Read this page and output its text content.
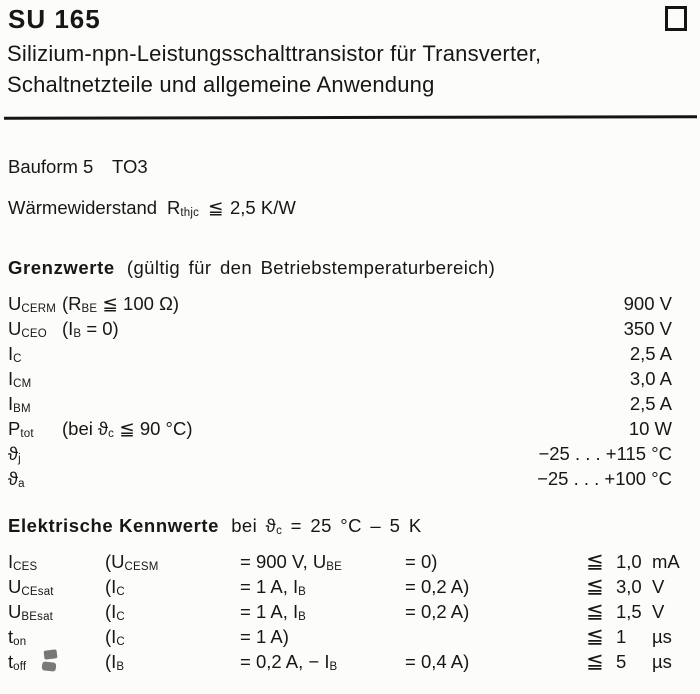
SU 165
Silizium-npn-Leistungsschalttransistor für Transverter,
Schaltnetzteile und allgemeine Anwendung
Bauform 5 TO3
Wärmewiderstand Rthjc ≦ 2,5 K/W
Grenzwerte (gültig für den Betriebstemperaturbereich)
UCERM (RBE ≦ 100 Ω)	900 V
UCEO (IB = 0)	350 V
IC	2,5 A
ICM	3,0 A
IBM	2,5 A
Ptot (bei ϑc ≦ 90 °C)	10 W
ϑj	−25 . . . +115 °C
ϑa	−25 . . . +100 °C
Elektrische Kennwerte bei ϑc = 25 °C – 5 K
ICES	(UCESM	= 900 V, UBE	= 0)	≦ 1,0 mA
UCEsat	(IC	= 1 A, IB	= 0,2 A)	≦ 3,0 V
UBEsat	(IC	= 1 A, IB	= 0,2 A)	≦ 1,5 V
ton	(IC	= 1 A)	≦ 1 µs
toff	(IB	= 0,2 A, − IB	= 0,4 A)	≦ 5 µs
